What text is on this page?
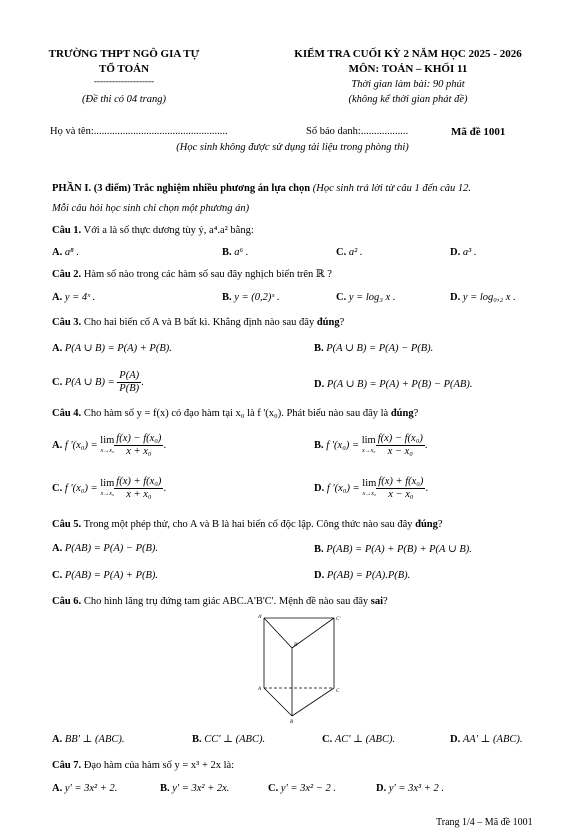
TRƯỜNG THPT NGÔ GIA TỰ
TỔ TOÁN
--------------------
(Đề thi có 04 trang)
KIỂM TRA CUỐI KỲ 2 NĂM HỌC 2025 - 2026
MÔN: TOÁN – KHỐI 11
Thời gian làm bài: 90 phút
(không kể thời gian phát đề)
Họ và tên:...................................................	Số báo danh:..................	Mã đề 1001
(Học sinh không được sử dụng tài liệu trong phòng thi)
PHẦN I. (3 điểm) Trắc nghiệm nhiều phương án lựa chọn (Học sinh trả lời từ câu 1 đến câu 12.
Mỗi câu hỏi học sinh chỉ chọn một phương án)
Câu 1. Với a là số thực dương tùy ý, a⁴.a² bằng:
A. a⁸ .	B. a⁶ .	C. a² .	D. a³ .
Câu 2. Hàm số nào trong các hàm số sau đây nghịch biến trên ℝ ?
A. y = 4ˣ .	B. y = (0,2)ˣ .	C. y = log₃ x .	D. y = log₀,₂ x .
Câu 3. Cho hai biến cố A và B bất kì. Khẳng định nào sau đây đúng?
A. P(A ∪ B) = P(A) + P(B).	B. P(A ∪ B) = P(A) − P(B).
C. P(A ∪ $B) = \frac{P(A)}{P(B)}$ .	D. P(A ∪ B) = P(A) + P(B) − P(AB).
Câu 4. Cho hàm số y = f(x) có đạo hàm tại x₀ là f '(x₀). Phát biểu nào sau đây là đúng?
A. f '(x₀) = lim
$x\to x_0 \frac{\text{f(x) − f(x₀)}}{\text{x + x₀}}$ .	B. f '(x₀) = lim
$x\to x_0 \frac{\text{f(x) − f(x₀)}}{\text{x − x₀}}$ .
C. f '(x₀) = lim
$x\to x_0 \frac{\text{f(x) + f(x₀)}}{\text{x + x₀}}$ .	D. f '(x₀) = lim
$x\to x_0 \frac{\text{f(x) + f(x₀)}}{\text{x − x₀}}$ .
Câu 5. Trong một phép thử, cho A và B là hai biến cố độc lập. Công thức nào sau đây đúng?
A. P(AB) = P(A) − P(B).	B. P(AB) = P(A) + P(B) + P(A ∪ B).
C. P(AB) = P(A) + P(B).	D. P(AB) = P(A).P(B).
Câu 6. Cho hình lăng trụ đứng tam giác ABC.A'B'C'. Mệnh đề nào sau đây sai?
A'	C'
B'
A	C
B
A. BB' ⊥ (ABC).	B. CC' ⊥ (ABC).	C. AC' ⊥ (ABC).	D. AA' ⊥ (ABC).
Câu 7. Đạo hàm của hàm số y = x³ + 2x là:
A. y' = 3x² + 2.	B. y' = 3x² + 2x.	C. y' = 3x² − 2 .	D. y' = 3x³ + 2 .
Trang 1/4 – Mã đề 1001
